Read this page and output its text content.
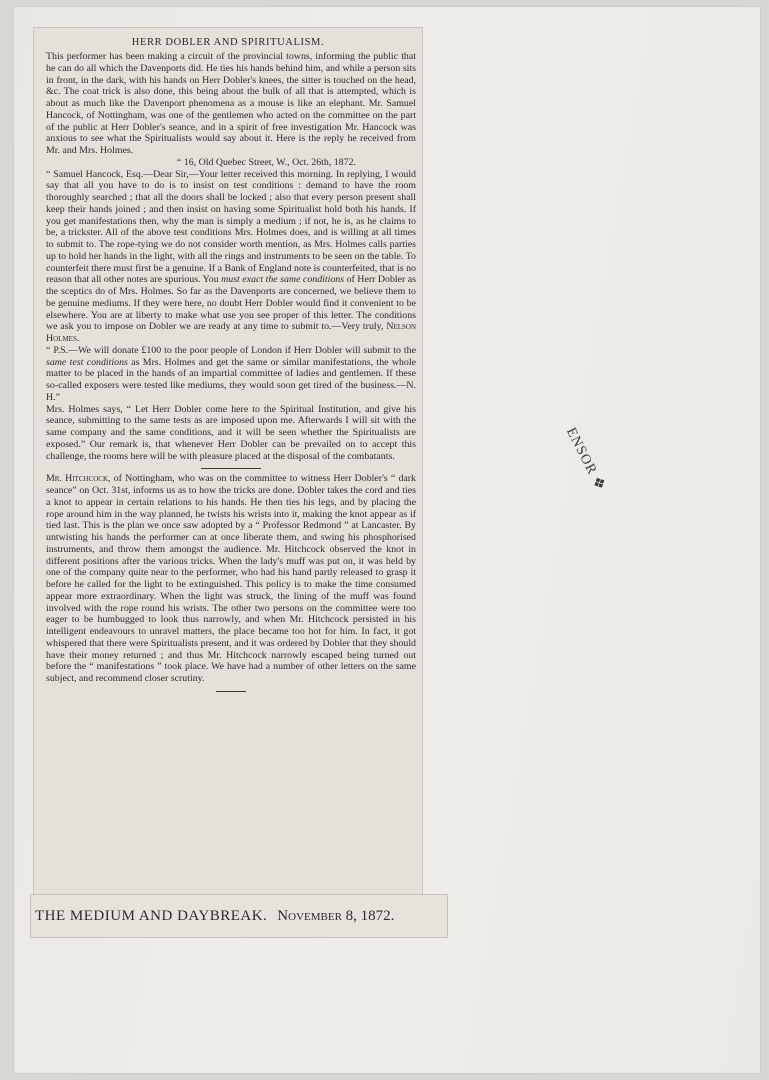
HERR DOBLER AND SPIRITUALISM.

This performer has been making a circuit of the provincial towns, informing the public that he can do all which the Davenports did. He ties his hands behind him, and while a person sits in front, in the dark, with his hands on Herr Dobler's knees, the sitter is touched on the head, &c. The coat trick is also done, this being about the bulk of all that is attempted, which is about as much like the Davenport phenomena as a mouse is like an elephant. Mr. Samuel Hancock, of Nottingham, was one of the gentlemen who acted on the committee on the part of the public at Herr Dobler's seance, and in a spirit of free investigation Mr. Hancock was anxious to see what the Spiritualists would say about it. Here is the reply he received from Mr. and Mrs. Holmes.

“ 16, Old Quebec Street, W., Oct. 26th, 1872.

“ Samuel Hancock, Esq.—Dear Sir,—Your letter received this morning. In replying, I would say that all you have to do is to insist on test conditions : demand to have the room thoroughly searched ; that all the doors shall be locked ; also that every person present shall keep their hands joined ; and then insist on having some Spiritualist hold both his hands. If you get manifestations then, why the man is simply a medium ; if not, he is, as he claims to be, a trickster. All of the above test conditions Mrs. Holmes does, and is willing at all times to submit to. The rope-tying we do not consider worth mention, as Mrs. Holmes calls parties up to hold her hands in the light, with all the rings and instruments to be seen on the table. To counterfeit there must first be a genuine. If a Bank of England note is counterfeited, that is no reason that all other notes are spurious. You must exact the same conditions of Herr Dobler as the sceptics do of Mrs. Holmes. So far as the Davenports are concerned, we believe them to be genuine mediums. If they were here, no doubt Herr Dobler would find it convenient to be elsewhere. You are at liberty to make what use you see proper of this letter. The conditions we ask you to impose on Dobler we are ready at any time to submit to.—Very truly, Nelson Holmes.

“ P.S.—We will donate £100 to the poor people of London if Herr Dobler will submit to the same test conditions as Mrs. Holmes and get the same or similar manifestations, the whole matter to be placed in the hands of an impartial committee of ladies and gentlemen. If these so-called exposers were tested like mediums, they would soon get tired of the business.—N. H.”

Mrs. Holmes says, “ Let Herr Dobler come here to the Spiritual Institution, and give his seance, submitting to the same tests as are imposed upon me. Afterwards I will sit with the same company and the same conditions, and it will be seen whether the Spiritualists are exposed.” Our remark is, that whenever Herr Dobler can be prevailed on to accept this challenge, the rooms here will be with pleasure placed at the disposal of the combatants.

Mr. Hitchcock, of Nottingham, who was on the committee to witness Herr Dobler's “ dark seance” on Oct. 31st, informs us as to how the tricks are done. Dobler takes the cord and ties a knot to appear in certain relations to his hands. He then ties his legs, and by placing the rope around him in the way planned, he twists his wrists into it, making the knot appear as if tied last. This is the plan we once saw adopted by a “ Professor Redmond ” at Lancaster. By untwisting his hands the performer can at once liberate them, and swing his phosphorised instruments, and throw them amongst the audience. Mr. Hitchcock observed the knot in different positions after the various tricks. When the lady's muff was put on, it was held by one of the company quite near to the performer, who had his hand partly released to grasp it before he called for the light to be extinguished. This policy is to make the time consumed appear more extraordinary. When the light was struck, the lining of the muff was found involved with the rope round his wrists. The other two persons on the committee were too eager to be humbugged to look thus narrowly, and when Mr. Hitchcock persisted in his intelligent endeavours to unravel matters, the place became too hot for him. In fact, it got whispered that there were Spiritualists present, and it was ordered by Dobler that they should have their money returned ; and thus Mr. Hitchcock narrowly escaped being turned out before the “ manifestations ” took place. We have had a number of other letters on the same subject, and recommend closer scrutiny.

THE MEDIUM AND DAYBREAK. November 8, 1872.
ENSOR❖
